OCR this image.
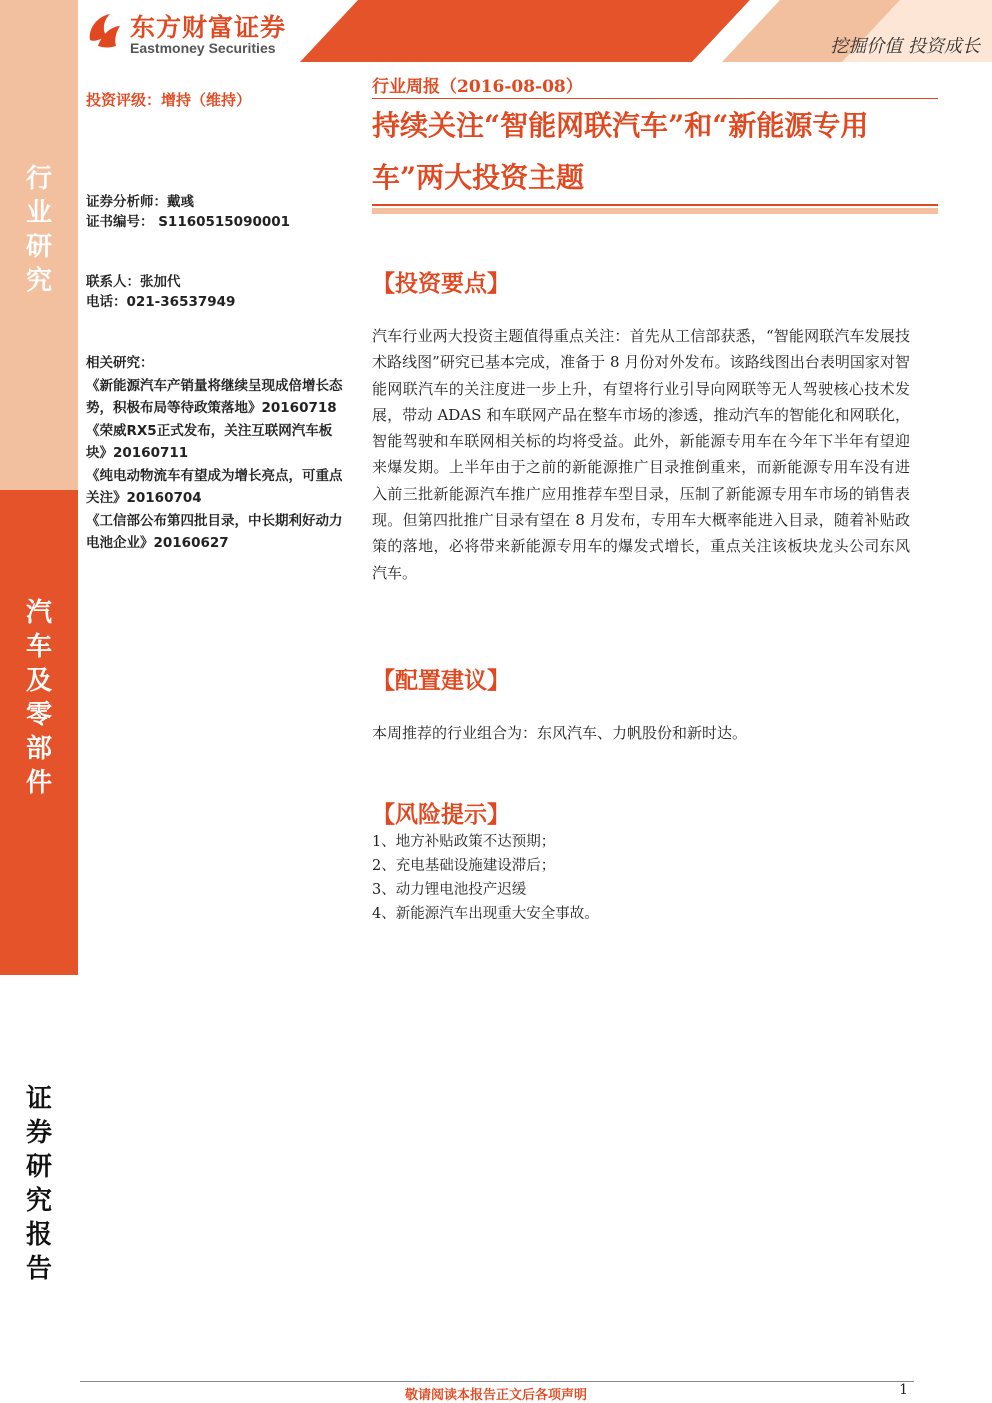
行
业
研
究
汽
车
及
零
部
件
证
券
研
究
报
告
东方财富证券
Eastmoney Securities	挖掘价值 投资成长
投资评级：增持（维持）
证券分析师：戴彧
证书编号： S1160515090001
联系人：张加代
电话：021-36537949
相关研究：
《新能源汽车产销量将继续呈现成倍增长态势，积极布局等待政策落地》20160718
《荣威RX5正式发布，关注互联网汽车板块》20160711
《纯电动物流车有望成为增长亮点，可重点关注》20160704
《工信部公布第四批目录，中长期利好动力电池企业》20160627
行业周报（2016-08-08）
持续关注“智能网联汽车”和“新能源专用车”两大投资主题
【投资要点】
汽车行业两大投资主题值得重点关注：首先从工信部获悉，“智能网联汽车发展技术路线图”研究已基本完成，准备于 8 月份对外发布。该路线图出台表明国家对智能网联汽车的关注度进一步上升，有望将行业引导向网联等无人驾驶核心技术发展，带动 ADAS 和车联网产品在整车市场的渗透，推动汽车的智能化和网联化，智能驾驶和车联网相关标的均将受益。此外，新能源专用车在今年下半年有望迎来爆发期。上半年由于之前的新能源推广目录推倒重来，而新能源专用车没有进入前三批新能源汽车推广应用推荐车型目录，压制了新能源专用车市场的销售表现。但第四批推广目录有望在 8 月发布，专用车大概率能进入目录，随着补贴政策的落地，必将带来新能源专用车的爆发式增长，重点关注该板块龙头公司东风汽车。
【配置建议】
本周推荐的行业组合为：东风汽车、力帆股份和新时达。
【风险提示】
1、地方补贴政策不达预期；
2、充电基础设施建设滞后；
3、动力锂电池投产迟缓
4、新能源汽车出现重大安全事故。
敬请阅读本报告正文后各项声明	1
